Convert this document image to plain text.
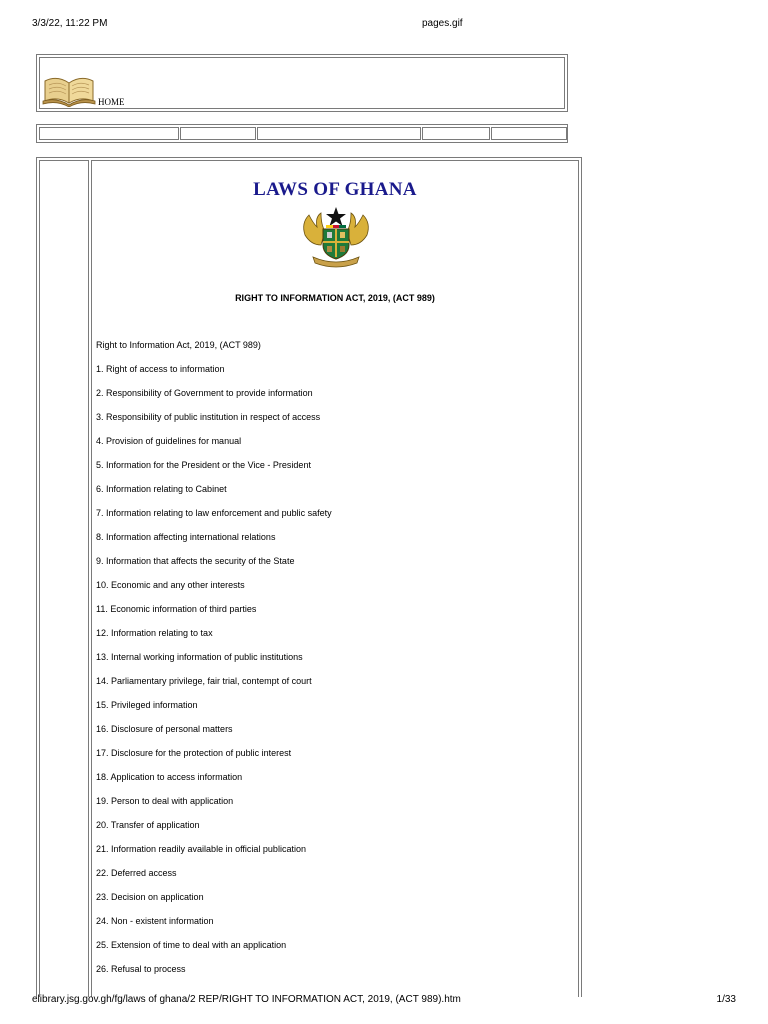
3/3/22, 11:22 PM	pages.gif
HOME
LAWS OF GHANA
RIGHT TO INFORMATION ACT, 2019, (ACT 989)
Right to Information Act, 2019, (ACT 989)
1. Right of access to information
2. Responsibility of Government to provide information
3. Responsibility of public institution in respect of access
4. Provision of guidelines for manual
5. Information for the President or the Vice - President
6. Information relating to Cabinet
7. Information relating to law enforcement and public safety
8. Information affecting international relations
9. Information that affects the security of the State
10. Economic and any other interests
11. Economic information of third parties
12. Information relating to tax
13. Internal working information of public institutions
14. Parliamentary privilege, fair trial, contempt of court
15. Privileged information
16. Disclosure of personal matters
17. Disclosure for the protection of public interest
18. Application to access information
19. Person to deal with application
20. Transfer of application
21. Information readily available in official publication
22. Deferred access
23. Decision on application
24. Non - existent information
25. Extension of time to deal with an application
26. Refusal to process
elibrary.jsg.gov.gh/fg/laws of ghana/2 REP/RIGHT TO INFORMATION ACT, 2019, (ACT 989).htm	1/33
